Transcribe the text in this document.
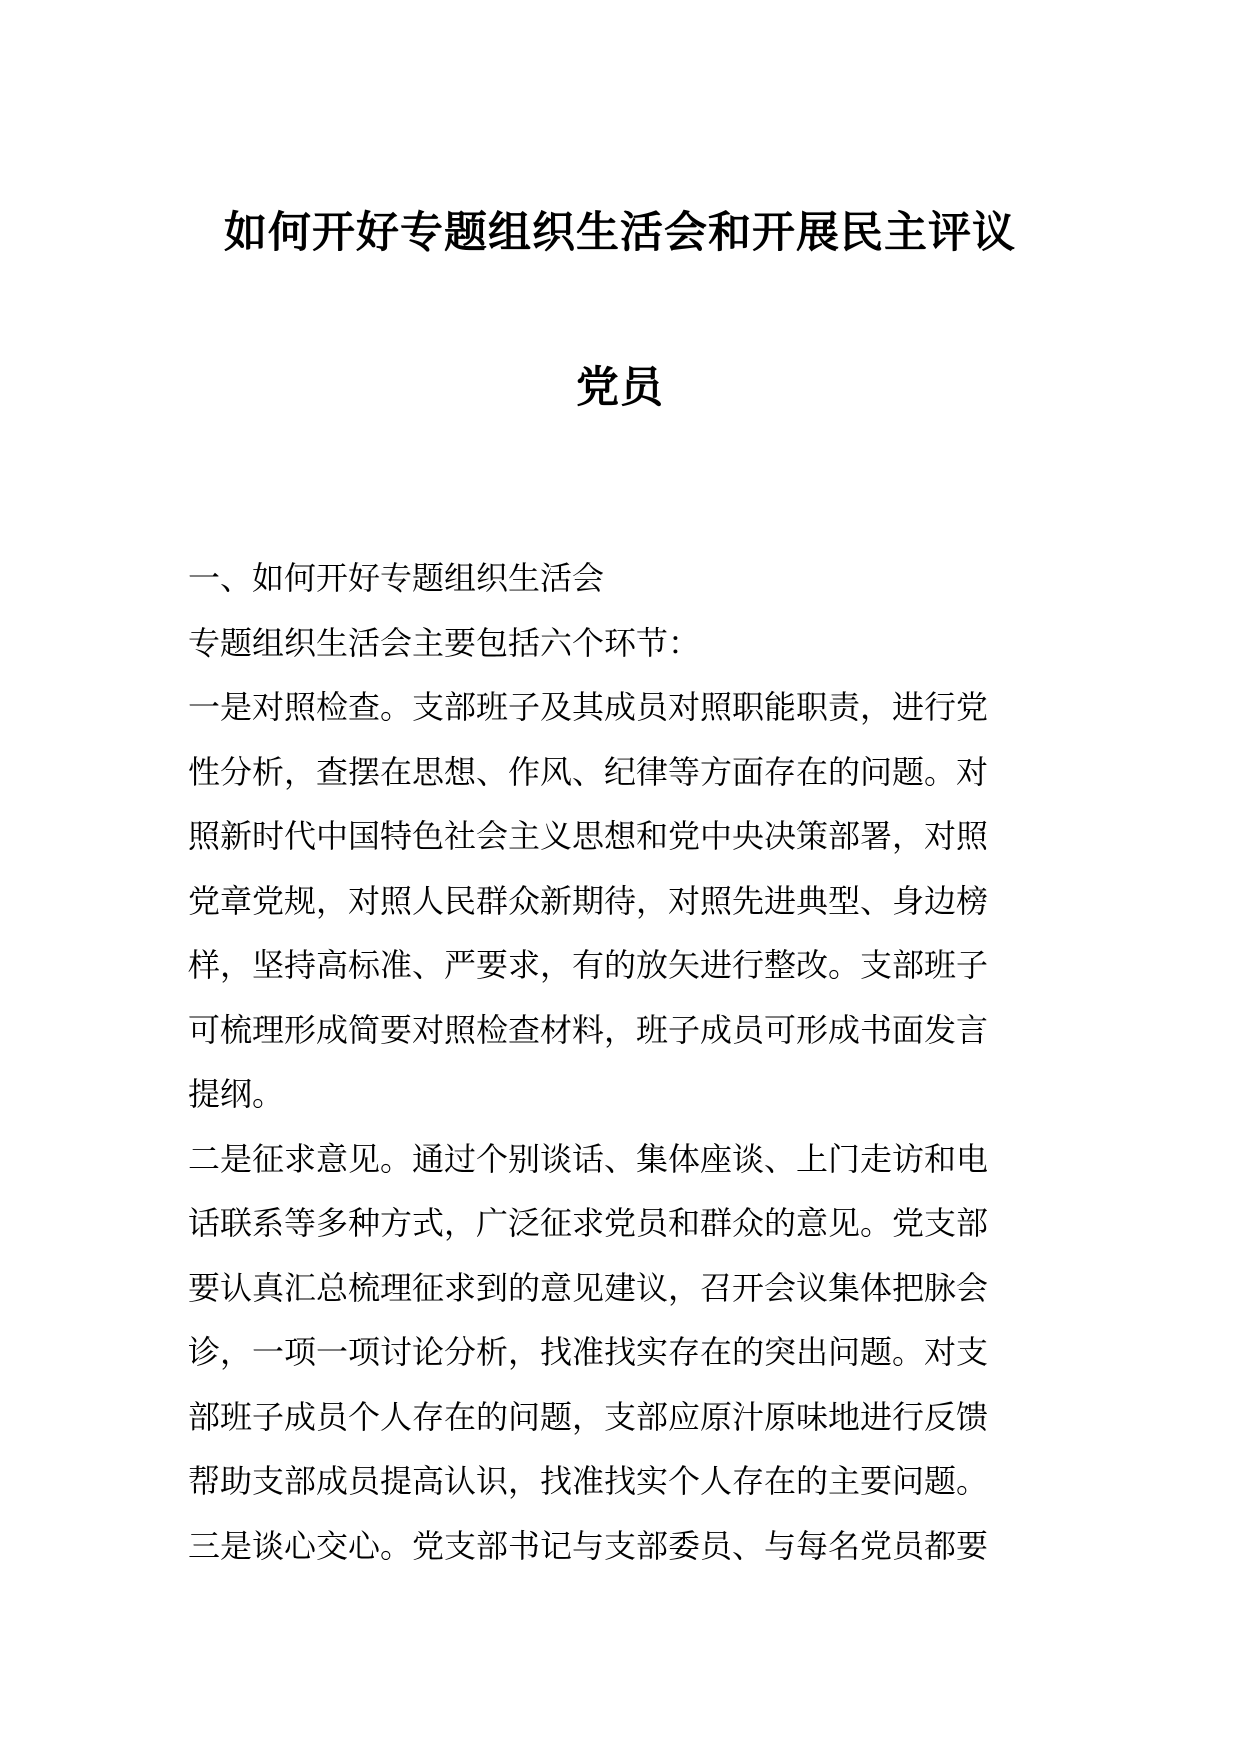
如何开好专题组织生活会和开展民主评议
党员
一、如何开好专题组织生活会
专题组织生活会主要包括六个环节：
一是对照检查。支部班子及其成员对照职能职责，进行党
性分析，查摆在思想、作风、纪律等方面存在的问题。对
照新时代中国特色社会主义思想和党中央决策部署，对照
党章党规，对照人民群众新期待，对照先进典型、身边榜
样，坚持高标准、严要求，有的放矢进行整改。支部班子
可梳理形成简要对照检查材料，班子成员可形成书面发言
提纲。
二是征求意见。通过个别谈话、集体座谈、上门走访和电
话联系等多种方式，广泛征求党员和群众的意见。党支部
要认真汇总梳理征求到的意见建议，召开会议集体把脉会
诊，一项一项讨论分析，找准找实存在的突出问题。对支
部班子成员个人存在的问题，支部应原汁原味地进行反馈
帮助支部成员提高认识，找准找实个人存在的主要问题。
三是谈心交心。党支部书记与支部委员、与每名党员都要
